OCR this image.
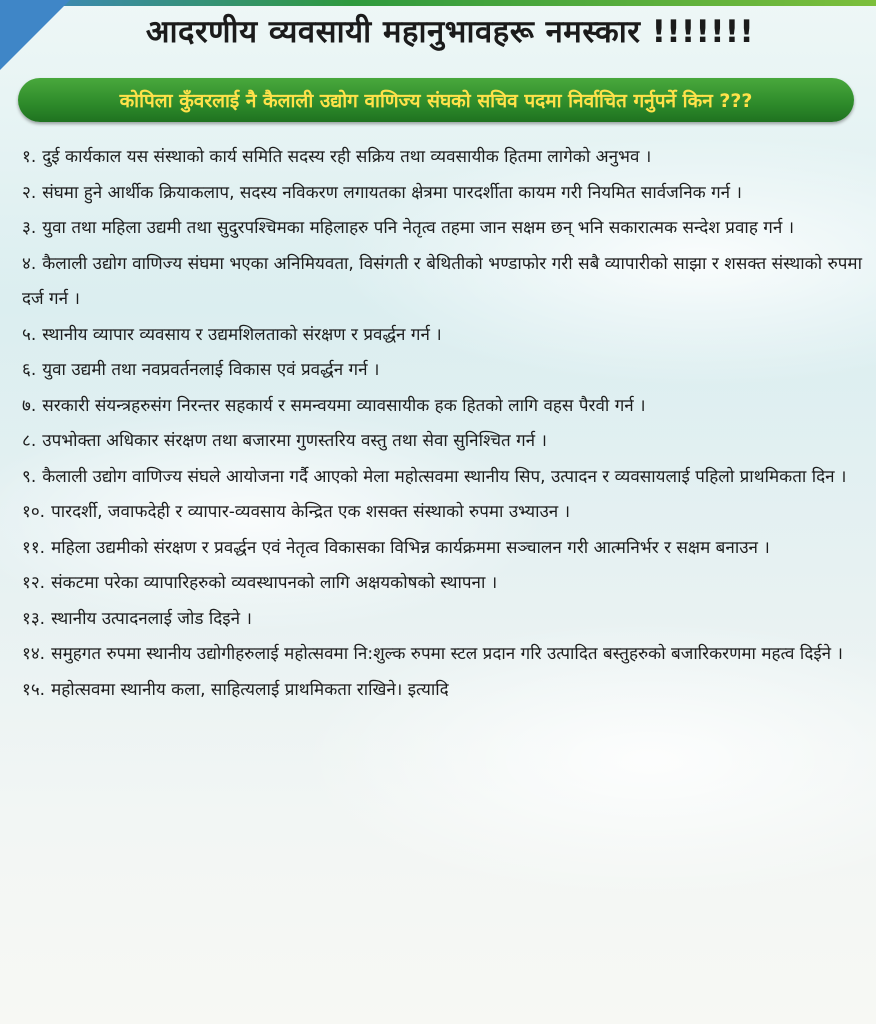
आदरणीय व्यवसायी महानुभावहरू नमस्कार !!!!!!!
कोपिला कुँवरलाई नै कैलाली उद्योग वाणिज्य संघको सचिव पदमा निर्वाचित गर्नुपर्ने किन ???
१. दुई कार्यकाल यस संस्थाको कार्य समिति सदस्य रही सक्रिय तथा व्यवसायीक हितमा लागेको अनुभव ।
२. संघमा हुने आर्थीक क्रियाकलाप, सदस्य नविकरण लगायतका क्षेत्रमा पारदर्शीता कायम गरी नियमित सार्वजनिक गर्न ।
३. युवा तथा महिला उद्यमी तथा सुदुरपश्चिमका महिलाहरु पनि नेतृत्व तहमा जान सक्षम छन् भनि सकारात्मक सन्देश प्रवाह गर्न ।
४. कैलाली उद्योग वाणिज्य संघमा भएका अनिमियवता, विसंगती र बेथितीको भण्डाफोर गरी सबै व्यापारीको साझा र शसक्त संस्थाको रुपमा दर्ज गर्न ।
५. स्थानीय व्यापार व्यवसाय र उद्यमशिलताको संरक्षण र प्रवर्द्धन गर्न ।
६. युवा उद्यमी तथा नवप्रवर्तनलाई विकास एवं प्रवर्द्धन गर्न ।
७. सरकारी संयन्त्रहरुसंग निरन्तर सहकार्य र समन्वयमा व्यावसायीक हक हितको लागि वहस पैरवी गर्न ।
८. उपभोक्ता अधिकार संरक्षण तथा बजारमा गुणस्तरिय वस्तु तथा सेवा सुनिश्चित गर्न ।
९. कैलाली उद्योग वाणिज्य संघले आयोजना गर्दै आएको मेला महोत्सवमा स्थानीय सिप, उत्पादन र व्यवसायलाई पहिलो प्राथमिकता दिन ।
१०. पारदर्शी, जवाफदेही र व्यापार-व्यवसाय केन्द्रित एक शसक्त संस्थाको रुपमा उभ्याउन ।
११. महिला उद्यमीको संरक्षण र प्रवर्द्धन एवं नेतृत्व विकासका विभिन्न कार्यक्रममा सञ्चालन गरी आत्मनिर्भर र सक्षम बनाउन ।
१२. संकटमा परेका व्यापारिहरुको व्यवस्थापनको लागि अक्षयकोषको स्थापना ।
१३. स्थानीय उत्पादनलाई जोड दिइने ।
१४. समुहगत रुपमा स्थानीय उद्योगीहरुलाई महोत्सवमा नि:शुल्क रुपमा स्टल प्रदान गरि उत्पादित बस्तुहरुको बजारिकरणमा महत्व दिईने ।
१५. महोत्सवमा स्थानीय कला, साहित्यलाई प्राथमिकता राखिने। इत्यादि
